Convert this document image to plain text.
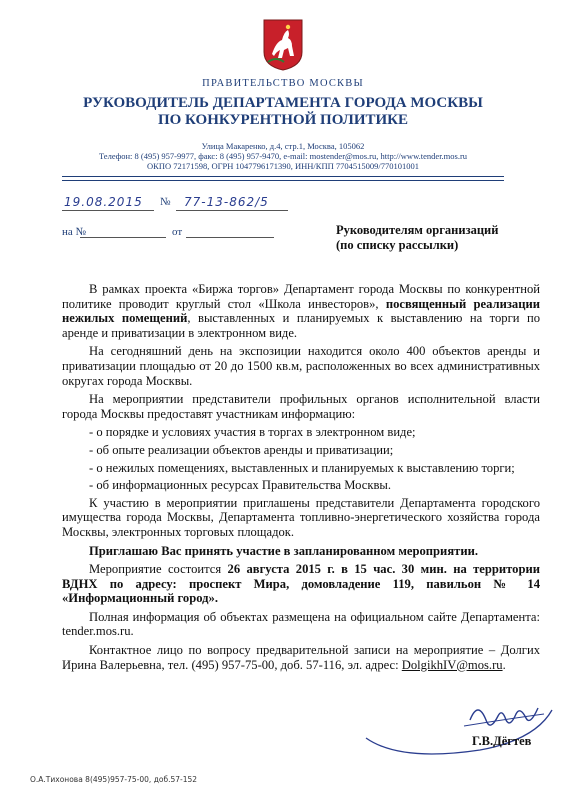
ПРАВИТЕЛЬСТВО МОСКВЫ
РУКОВОДИТЕЛЬ ДЕПАРТАМЕНТА ГОРОДА МОСКВЫ
ПО КОНКУРЕНТНОЙ ПОЛИТИКЕ
Улица Макаренко, д.4, стр.1, Москва, 105062
Телефон: 8 (495) 957-9977, факс: 8 (495) 957-9470, e-mail: mostender@mos.ru, http://www.tender.mos.ru
ОКПО 72171598, ОГРН 1047796171390, ИНН/КПП 7704515009/770101001
19.08.2015 № 77-13-862/5
на №	от	Руководителям организаций
(по списку рассылки)

В рамках проекта «Биржа торгов» Департамент города Москвы по конкурентной политике проводит круглый стол «Школа инвесторов», посвященный реализации нежилых помещений, выставленных и планируемых к выставлению на торги по аренде и приватизации в электронном виде.

На сегодняшний день на экспозиции находится около 400 объектов аренды и приватизации площадью от 20 до 1500 кв.м, расположенных во всех административных округах города Москвы.

На мероприятии представители профильных органов исполнительной власти города Москвы предоставят участникам информацию:

- о порядке и условиях участия в торгах в электронном виде;

- об опыте реализации объектов аренды и приватизации;

- о нежилых помещениях, выставленных и планируемых к выставлению торги;

- об информационных ресурсах Правительства Москвы.

К участию в мероприятии приглашены представители Департамента городского имущества города Москвы, Департамента топливно-энергетического хозяйства города Москвы, электронных торговых площадок.

Приглашаю Вас принять участие в запланированном мероприятии.

Мероприятие состоится 26 августа 2015 г. в 15 час. 30 мин. на территории ВДНХ по адресу: проспект Мира, домовладение 119, павильон № 14 «Информационный город».

Полная информация об объектах размещена на официальном сайте Департамента: tender.mos.ru.

Контактное лицо по вопросу предварительной записи на мероприятие – Долгих Ирина Валерьевна, тел. (495) 957-75-00, доб. 57-116, эл. адрес: DolgikhIV@mos.ru.

Г.В.Дёгтев
О.А.Тихонова 8(495)957-75-00, доб.57-152
